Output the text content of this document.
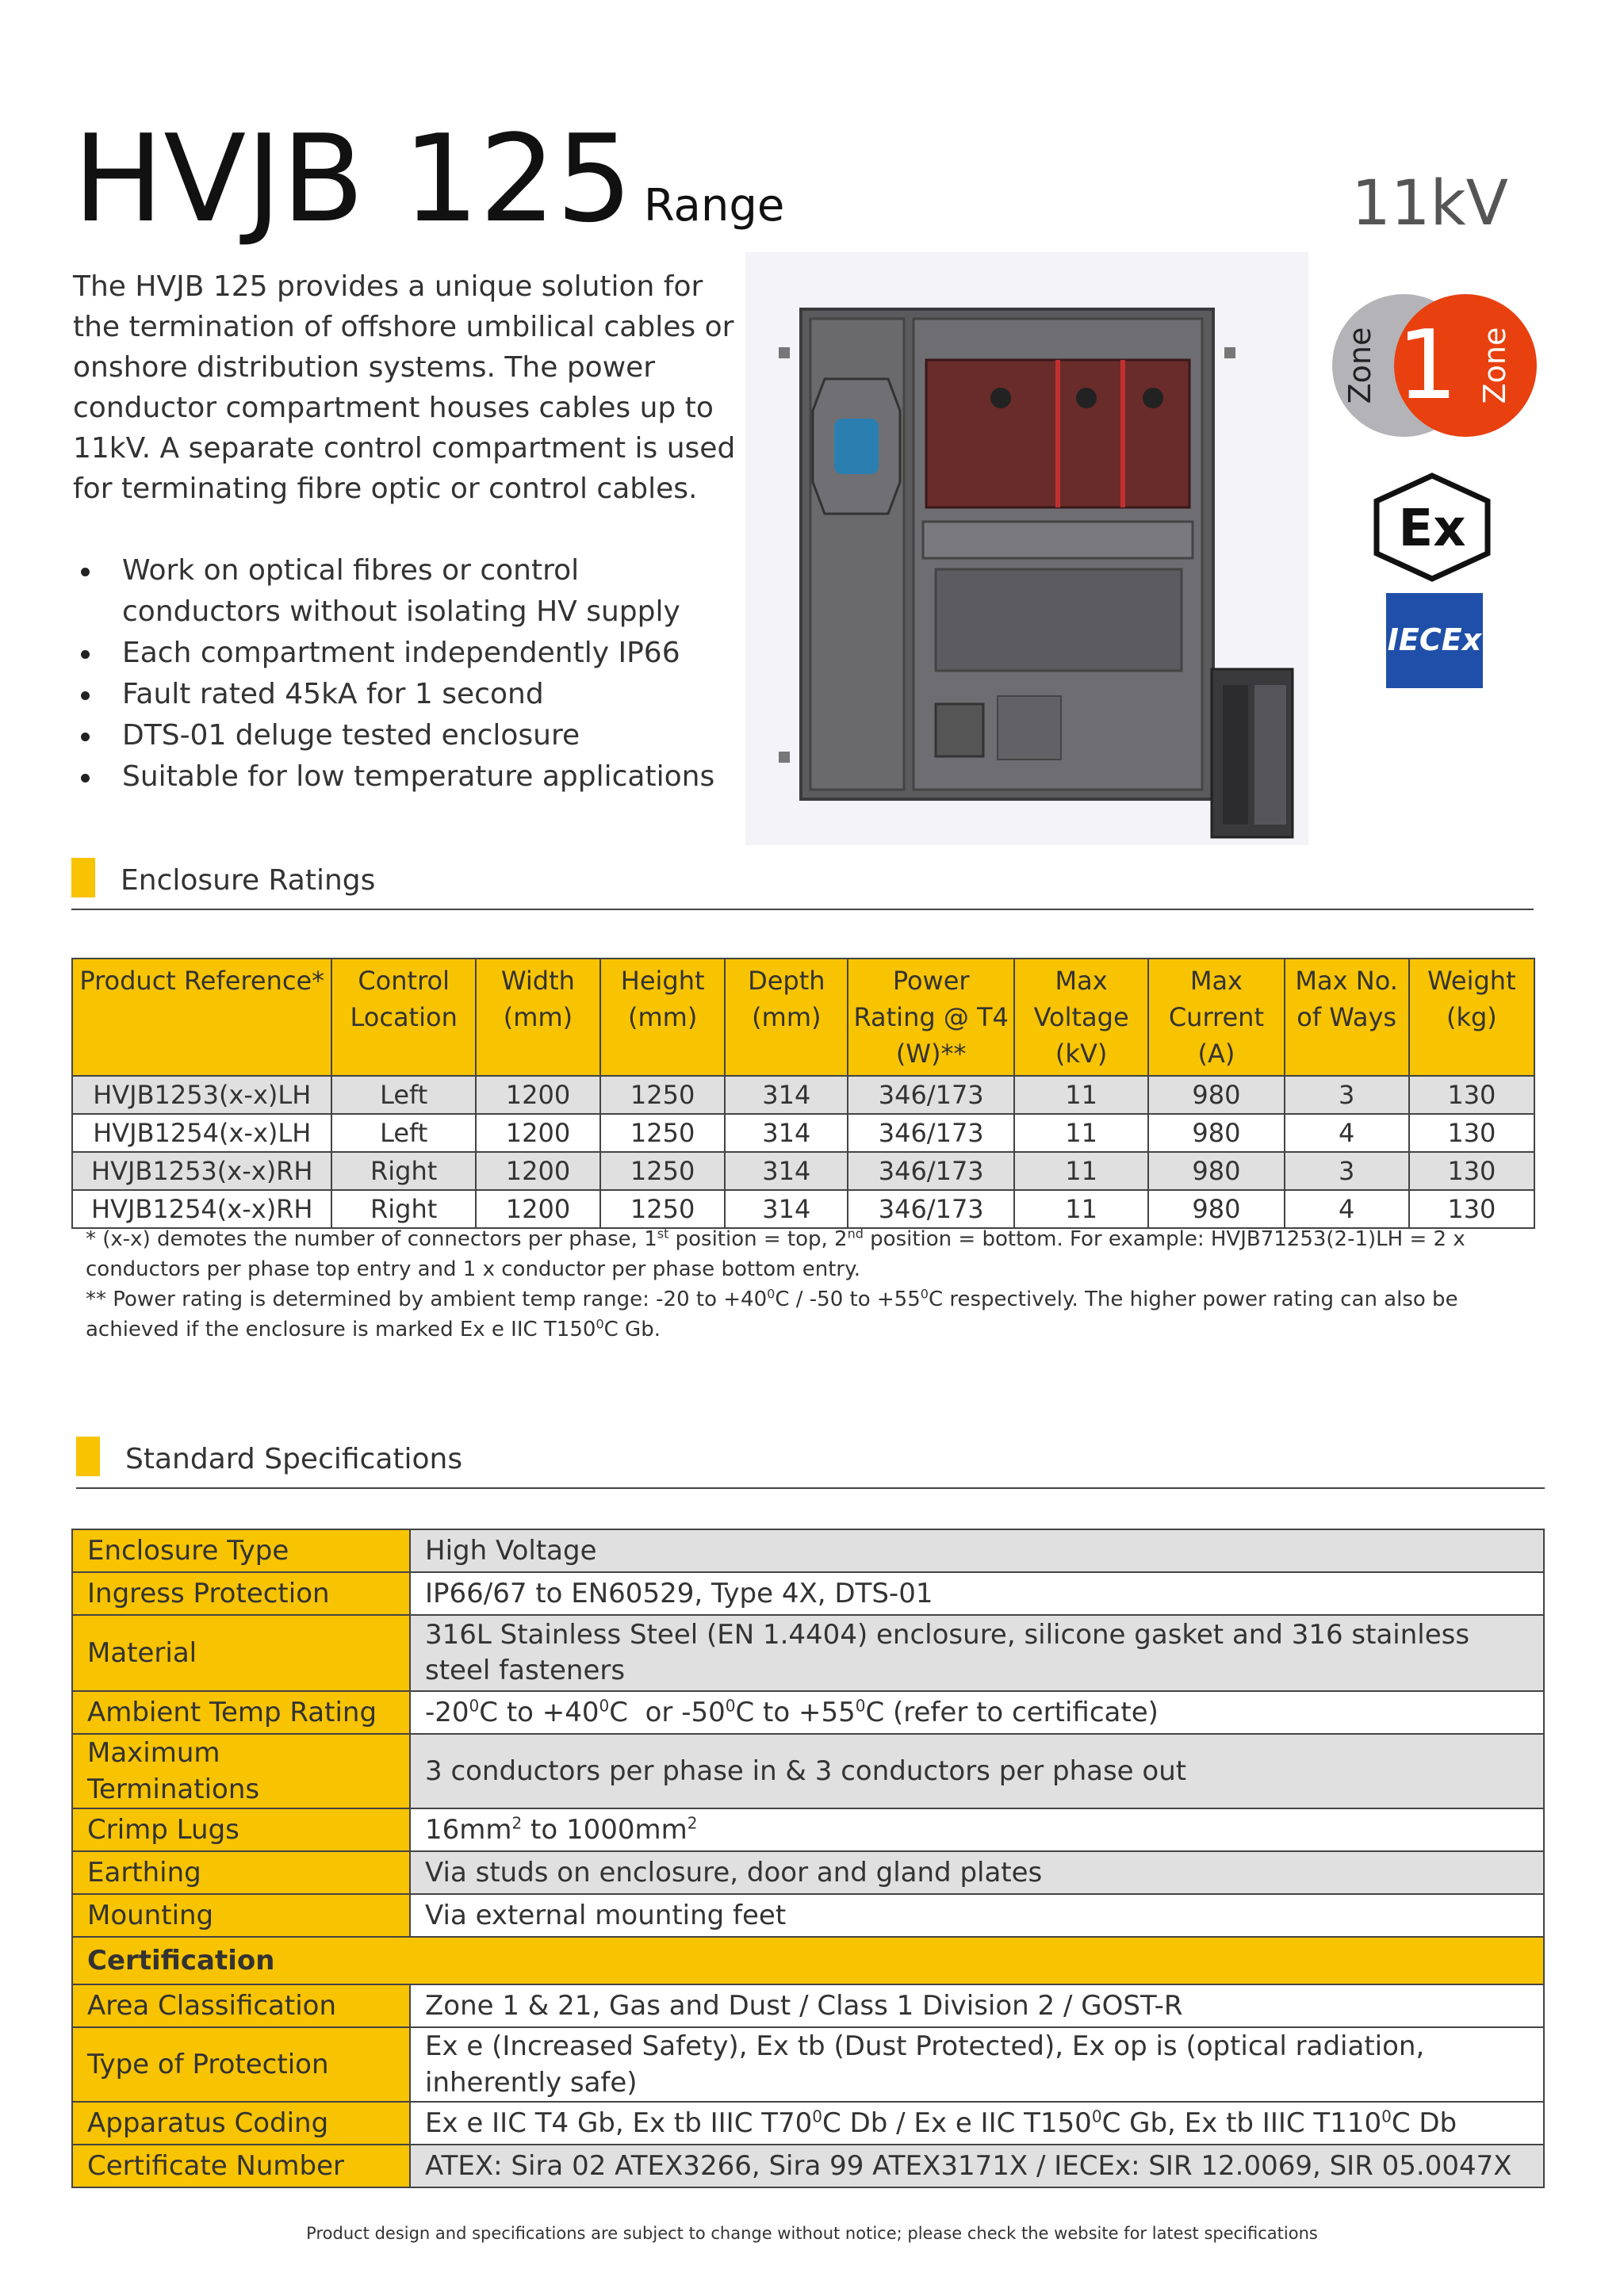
HVJB 125 Range	11kV
The HVJB 125 provides a unique solution for the termination of offshore umbilical cables or onshore distribution systems. The power conductor compartment houses cables up to 11kV. A separate control compartment is used for terminating fibre optic or control cables.
Work on optical fibres or control conductors without isolating HV supply
Each compartment independently IP66
Fault rated 45kA for 1 second
DTS-01 deluge tested enclosure
Suitable for low temperature applications
Zone 1 Zone
Ex
IECEx
Enclosure Ratings
Product Reference*	Control Location	Width (mm)	Height (mm)	Depth (mm)	Power Rating @ T4 (W)**	Max Voltage (kV)	Max Current (A)	Max No. of Ways	Weight (kg)
HVJB1253(x-x)LH	Left	1200	1250	314	346/173	11	980	3	130
HVJB1254(x-x)LH	Left	1200	1250	314	346/173	11	980	4	130
HVJB1253(x-x)RH	Right	1200	1250	314	346/173	11	980	3	130
HVJB1254(x-x)RH	Right	1200	1250	314	346/173	11	980	4	130
* (x-x) demotes the number of connectors per phase, 1st position = top, 2nd position = bottom. For example: HVJB71253(2-1)LH = 2 x conductors per phase top entry and 1 x conductor per phase bottom entry.
** Power rating is determined by ambient temp range: -20 to $+40^0C / -50$ to $+55^0C$ respectively. The higher power rating can also be achieved if the enclosure is marked Ex e IIC $T150^0C$ Gb.
Standard Specifications
Enclosure Type	High Voltage
Ingress Protection	IP66/67 to EN60529, Type 4X, DTS-01
Material	316L Stainless Steel (EN 1.4404) enclosure, silicone gasket and 316 stainless steel fasteners
Ambient Temp Rating	$-20^0C$ to $+40^0C$  or $-50^0C$ to $+55^0C$ (refer to certificate)
Maximum Terminations	3 conductors per phase in & 3 conductors per phase out
Crimp Lugs	$16mm^2$ to $1000mm^2$
Earthing	Via studs on enclosure, door and gland plates
Mounting	Via external mounting feet
Certification	
Area Classification	Zone 1 & 21, Gas and Dust / Class 1 Division 2 / GOST-R
Type of Protection	Ex e (Increased Safety), Ex tb (Dust Protected), Ex op is (optical radiation, inherently safe)
Apparatus Coding	Ex e IIC T4 Gb, Ex tb IIIC $T70^0C$ Db / Ex e IIC $T150^0C$ Gb, Ex tb IIIC $T110^0C$ Db
Certificate Number	ATEX: Sira 02 ATEX3266, Sira 99 ATEX3171X / IECEx: SIR 12.0069, SIR 05.0047X
Product design and specifications are subject to change without notice; please check the website for latest specifications
